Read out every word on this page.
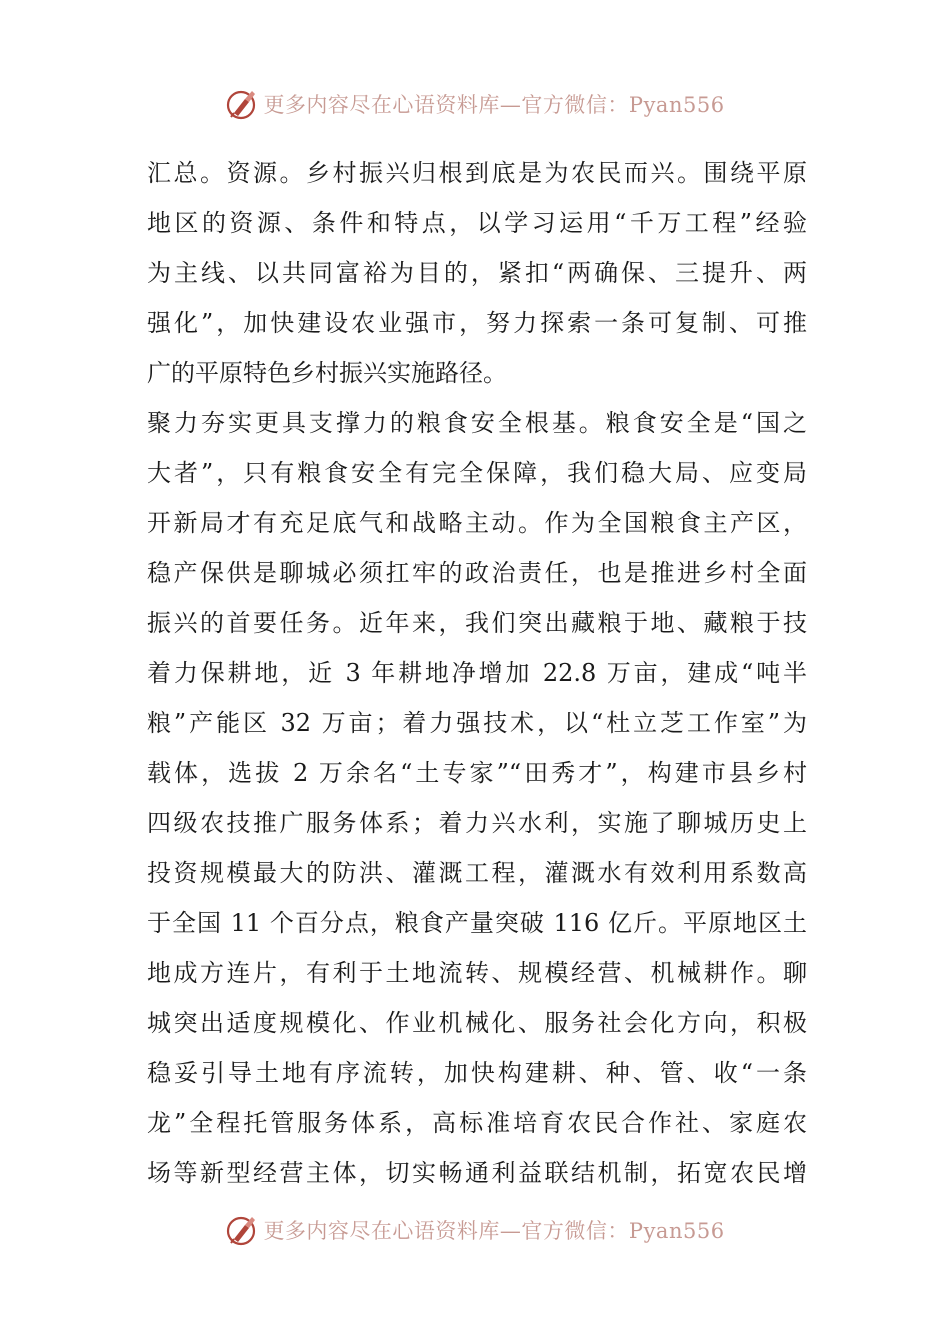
更多内容尽在心语资料库—官方微信：Pyan556
汇总。资源。乡村振兴归根到底是为农民而兴。围绕平原
地区的资源、条件和特点，以学习运用“千万工程”经验
为主线、以共同富裕为目的，紧扣“两确保、三提升、两
强化”，加快建设农业强市，努力探索一条可复制、可推
广的平原特色乡村振兴实施路径。
聚力夯实更具支撑力的粮食安全根基。粮食安全是“国之
大者”，只有粮食安全有完全保障，我们稳大局、应变局
开新局才有充足底气和战略主动。作为全国粮食主产区，
稳产保供是聊城必须扛牢的政治责任，也是推进乡村全面
振兴的首要任务。近年来，我们突出藏粮于地、藏粮于技
着力保耕地，近 3 年耕地净增加 22.8 万亩，建成“吨半
粮”产能区 32 万亩；着力强技术，以“杜立芝工作室”为
载体，选拔 2 万余名“土专家”“田秀才”，构建市县乡村
四级农技推广服务体系；着力兴水利，实施了聊城历史上
投资规模最大的防洪、灌溉工程，灌溉水有效利用系数高
于全国 11 个百分点，粮食产量突破 116 亿斤。平原地区土
地成方连片，有利于土地流转、规模经营、机械耕作。聊
城突出适度规模化、作业机械化、服务社会化方向，积极
稳妥引导土地有序流转，加快构建耕、种、管、收“一条
龙”全程托管服务体系，高标准培育农民合作社、家庭农
场等新型经营主体，切实畅通利益联结机制，拓宽农民增
更多内容尽在心语资料库—官方微信：Pyan556
